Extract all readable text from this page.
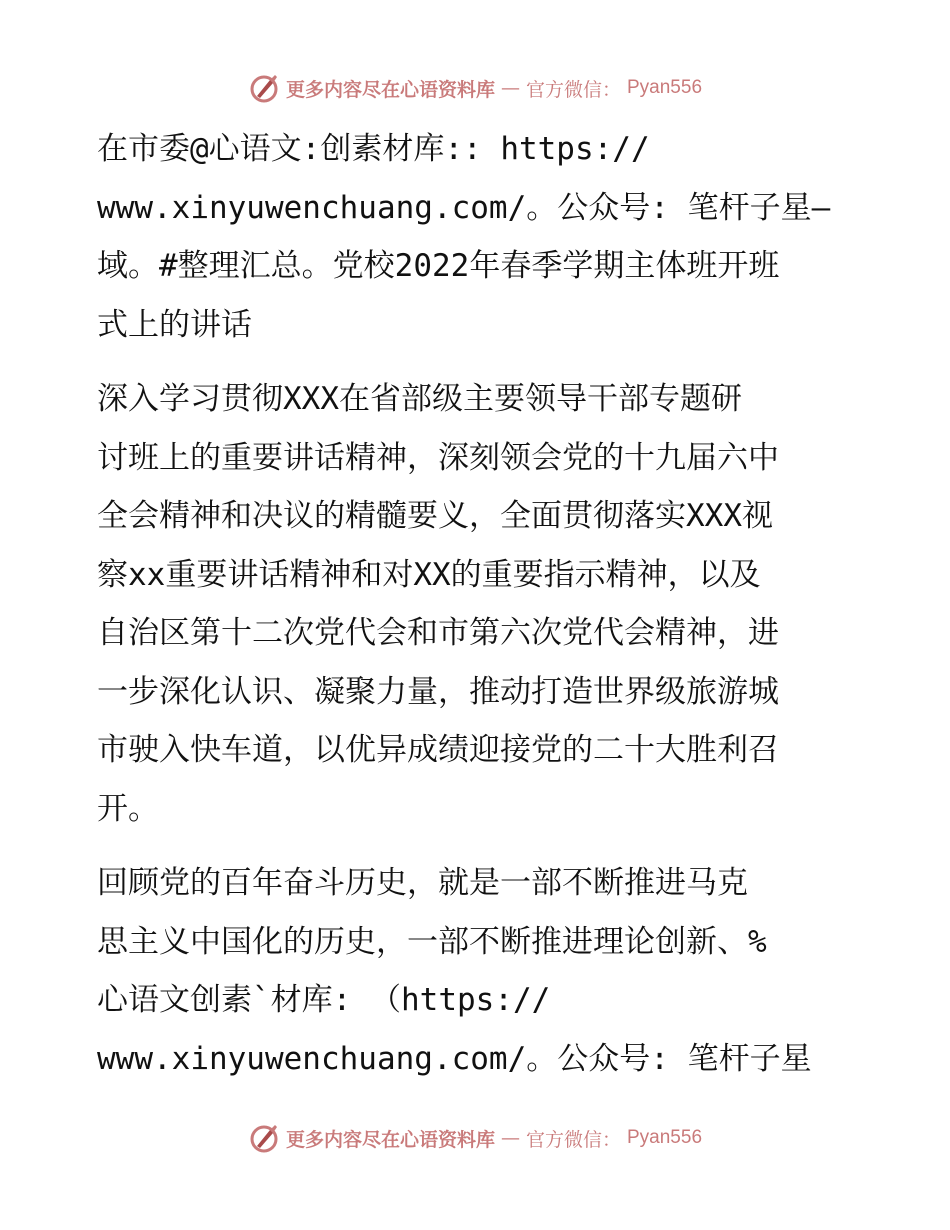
更多内容尽在心语资料库 — 官方微信： Pyan556
在市委@心语文:创素材库:: https://
www.xinyuwenchuang.com/。公众号: 笔杆子星—
域。#整理汇总。党校2022年春季学期主体班开班
式上的讲话
深入学习贯彻XXX在省部级主要领导干部专题研
讨班上的重要讲话精神，深刻领会党的十九届六中
全会精神和决议的精髓要义，全面贯彻落实XXX视
察xx重要讲话精神和对XX的重要指示精神，以及
自治区第十二次党代会和市第六次党代会精神，进
一步深化认识、凝聚力量，推动打造世界级旅游城
市驶入快车道，以优异成绩迎接党的二十大胜利召
开。
回顾党的百年奋斗历史，就是一部不断推进马克
思主义中国化的历史，一部不断推进理论创新、%
心语文创素`材库: （https://
www.xinyuwenchuang.com/。公众号: 笔杆子星
更多内容尽在心语资料库 — 官方微信： Pyan556
